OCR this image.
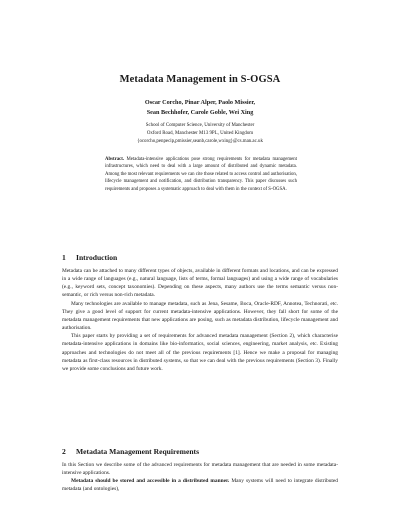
Metadata Management in S-OGSA
Oscar Corcho, Pinar Alper, Paolo Missier,
Sean Bechhofer, Carole Goble, Wei Xing
School of Computer Science, University of Manchester
Oxford Road, Manchester M13 9PL, United Kingdom
{ocorcho,penpecip,pmissier,seanb,carole,wxing}@cs.man.ac.uk
Abstract. Metadata-intensive applications pose strong requirements for metadata management infrastructures, which need to deal with a large amount of distributed and dynamic metadata. Among the most relevant requirements we can cite those related to access control and authorisation, lifecycle management and notification, and distribution transparency. This paper discusses such requirements and proposes a systematic approach to deal with them in the context of S-OGSA.
1 Introduction

Metadata can be attached to many different types of objects, available in different formats and locations, and can be expressed in a wide range of languages (e.g., natural language, lists of terms, formal languages) and using a wide range of vocabularies (e.g., keyword sets, concept taxonomies). Depending on these aspects, many authors use the terms semantic versus non-semantic, or rich versus non-rich metadata.

Many technologies are available to manage metadata, such as Jena, Sesame, Boca, Oracle-RDF, Annotea, Technorati, etc. They give a good level of support for current metadata-intensive applications. However, they fall short for some of the metadata management requirements that new applications are posing, such as metadata distribution, lifecycle management and authorisation.

This paper starts by providing a set of requirements for advanced metadata management (Section 2), which characterise metadata-intensive applications in domains like bio-informatics, social sciences, engineering, market analysis, etc. Existing approaches and technologies do not meet all of the previous requirements [1]. Hence we make a proposal for managing metadata as first-class resources in distributed systems, so that we can deal with the previous requirements (Section 3). Finally we provide some conclusions and future work.

2 Metadata Management Requirements

In this Section we describe some of the advanced requirements for metadata management that are needed in some metadata-intensive applications.

Metadata should be stored and accessible in a distributed manner. Many systems will need to integrate distributed metadata (and ontologies),
